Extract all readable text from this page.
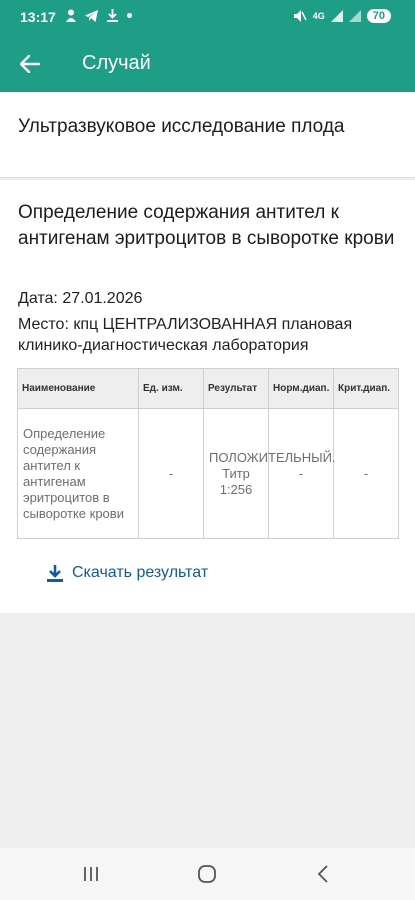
13:17	4G	70
Случай
Ультразвуковое исследование плода
Определение содержания антител к антигенам эритроцитов в сыворотке крови
Дата: 27.01.2026
Место: кпц ЦЕНТРАЛИЗОВАННАЯ плановая клинико-диагностическая лаборатория
Наименование	Ед. изм.	Результат	Норм.диап.	Крит.диап.
Определение содержания антител к антигенам эритроцитов в сыворотке крови	-	ПОЛОЖИТЕЛЬНЫЙ. Титр 1:256	-	-
Скачать результат
